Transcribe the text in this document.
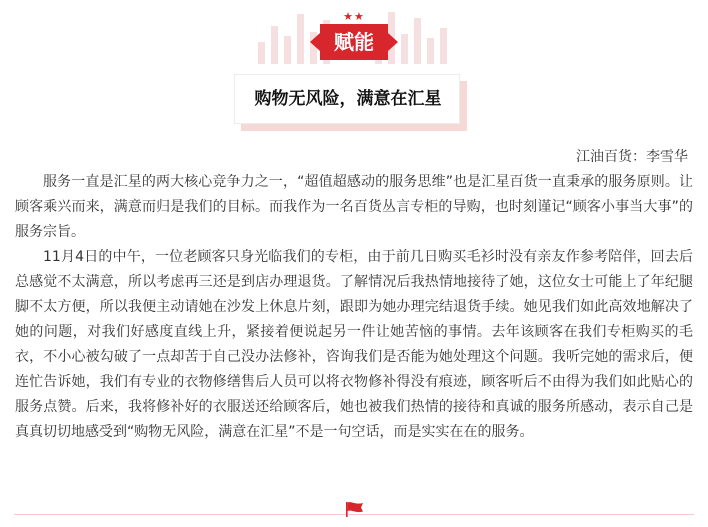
★★
赋能
购物无风险，满意在汇星
江油百货：李雪华

服务一直是汇星的两大核心竞争力之一，“超值超感动的服务思维”也是汇星百货一直秉承的服务原则。让顾客乘兴而来，满意而归是我们的目标。而我作为一名百货丛言专柜的导购，也时刻谨记“顾客小事当大事”的服务宗旨。

11月4日的中午，一位老顾客只身光临我们的专柜，由于前几日购买毛衫时没有亲友作参考陪伴，回去后总感觉不太满意，所以考虑再三还是到店办理退货。了解情况后我热情地接待了她，这位女士可能上了年纪腿脚不太方便，所以我便主动请她在沙发上休息片刻，跟即为她办理完结退货手续。她见我们如此高效地解决了她的问题，对我们好感度直线上升，紧接着便说起另一件让她苦恼的事情。去年该顾客在我们专柜购买的毛衣，不小心被勾破了一点却苦于自己没办法修补，咨询我们是否能为她处理这个问题。我听完她的需求后，便连忙告诉她，我们有专业的衣物修缮售后人员可以将衣物修补得没有痕迹，顾客听后不由得为我们如此贴心的服务点赞。后来，我将修补好的衣服送还给顾客后，她也被我们热情的接待和真诚的服务所感动，表示自己是真真切切地感受到“购物无风险，满意在汇星”不是一句空话，而是实实在在的服务。
